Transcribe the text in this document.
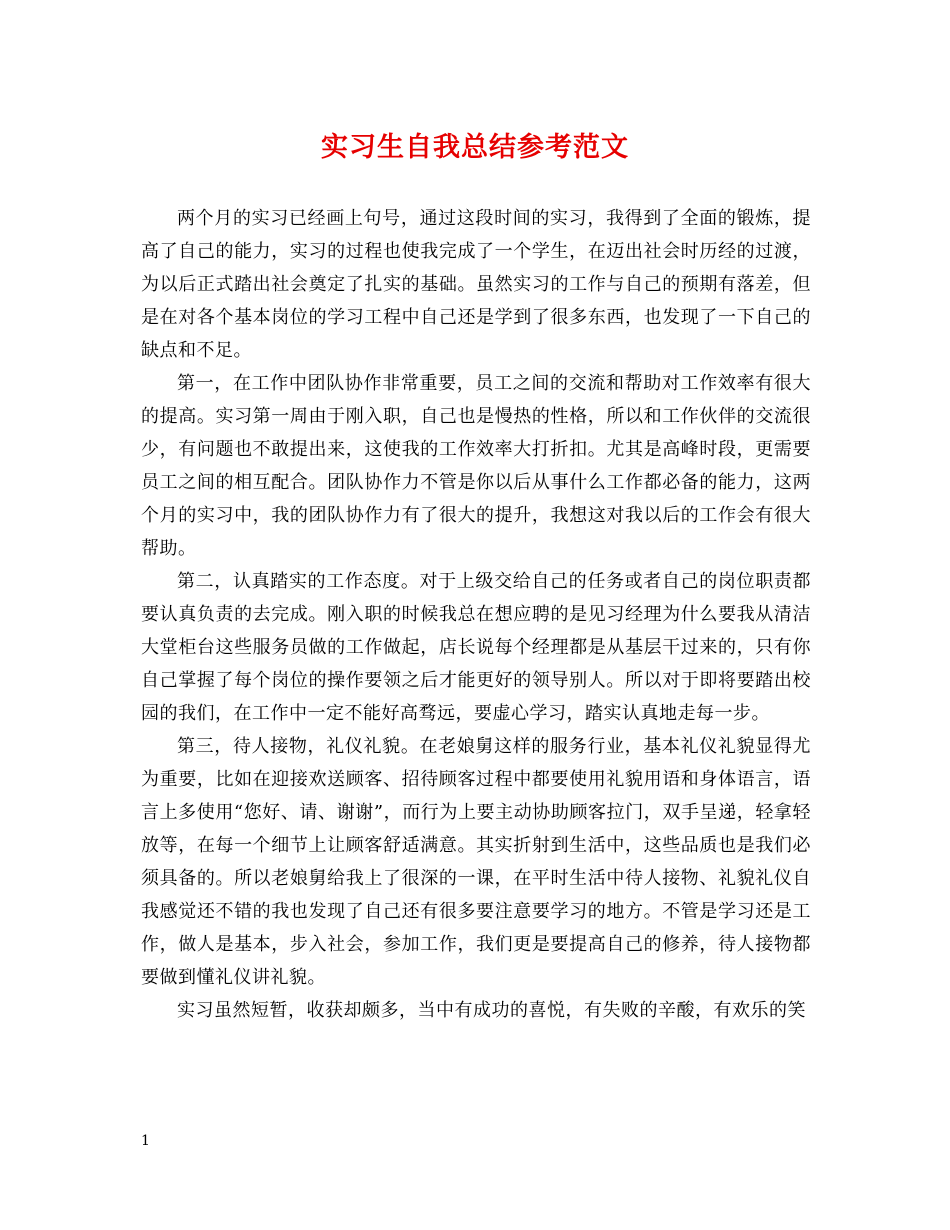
实习生自我总结参考范文

两个月的实习已经画上句号，通过这段时间的实习，我得到了全面的锻炼，提高了自己的能力，实习的过程也使我完成了一个学生，在迈出社会时历经的过渡，为以后正式踏出社会奠定了扎实的基础。虽然实习的工作与自己的预期有落差，但是在对各个基本岗位的学习工程中自己还是学到了很多东西，也发现了一下自己的缺点和不足。

第一，在工作中团队协作非常重要，员工之间的交流和帮助对工作效率有很大的提高。实习第一周由于刚入职，自己也是慢热的性格，所以和工作伙伴的交流很少，有问题也不敢提出来，这使我的工作效率大打折扣。尤其是高峰时段，更需要员工之间的相互配合。团队协作力不管是你以后从事什么工作都必备的能力，这两个月的实习中，我的团队协作力有了很大的提升，我想这对我以后的工作会有很大帮助。

第二，认真踏实的工作态度。对于上级交给自己的任务或者自己的岗位职责都要认真负责的去完成。刚入职的时候我总在想应聘的是见习经理为什么要我从清洁大堂柜台这些服务员做的工作做起，店长说每个经理都是从基层干过来的，只有你自己掌握了每个岗位的操作要领之后才能更好的领导别人。所以对于即将要踏出校园的我们，在工作中一定不能好高骛远，要虚心学习，踏实认真地走每一步。

第三，待人接物，礼仪礼貌。在老娘舅这样的服务行业，基本礼仪礼貌显得尤为重要，比如在迎接欢送顾客、招待顾客过程中都要使用礼貌用语和身体语言，语言上多使用“您好、请、谢谢”，而行为上要主动协助顾客拉门，双手呈递，轻拿轻放等，在每一个细节上让顾客舒适满意。其实折射到生活中，这些品质也是我们必须具备的。所以老娘舅给我上了很深的一课，在平时生活中待人接物、礼貌礼仪自我感觉还不错的我也发现了自己还有很多要注意要学习的地方。不管是学习还是工作，做人是基本，步入社会，参加工作，我们更是要提高自己的修养，待人接物都要做到懂礼仪讲礼貌。

实习虽然短暂，收获却颇多，当中有成功的喜悦，有失败的辛酸，有欢乐的笑

1
